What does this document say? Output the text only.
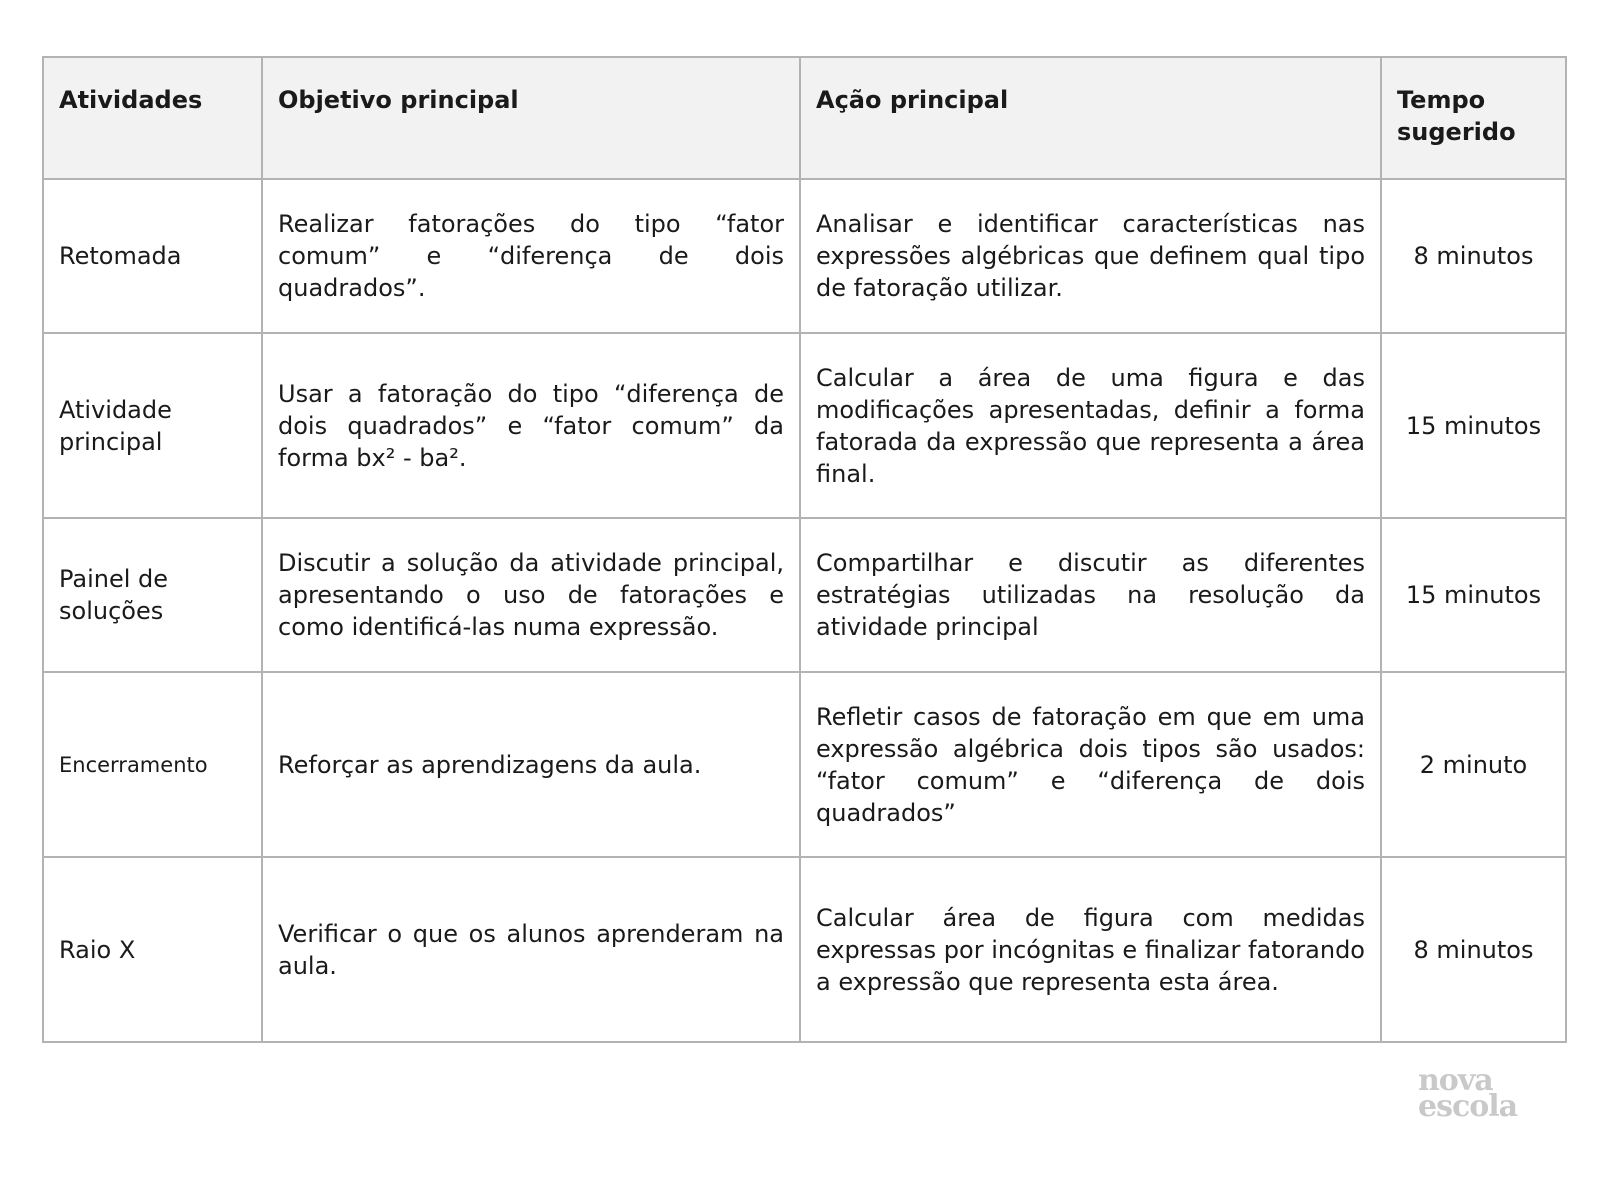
Atividades	Objetivo principal	Ação principal	Tempo sugerido
Retomada	Realizar fatorações do tipo “fator comum” e “diferença de dois quadrados”.	Analisar e identificar características nas expressões algébricas que definem qual tipo de fatoração utilizar.	8 minutos
Atividade principal	Usar a fatoração do tipo “diferença de dois quadrados” e “fator comum” da forma bx² - ba².	Calcular a área de uma figura e das modificações apresentadas, definir a forma fatorada da expressão que representa a área final.	15 minutos
Painel de soluções	Discutir a solução da atividade principal, apresentando o uso de fatorações e como identificá-las numa expressão.	Compartilhar e discutir as diferentes estratégias utilizadas na resolução da atividade principal	15 minutos
Encerramento	Reforçar as aprendizagens da aula.	Refletir casos de fatoração em que em uma expressão algébrica dois tipos são usados: “fator comum” e “diferença de dois quadrados”	2 minuto
Raio X	Verificar o que os alunos aprenderam na aula.	Calcular área de figura com medidas expressas por incógnitas e finalizar fatorando a expressão que representa esta área.	8 minutos
nova
escola
